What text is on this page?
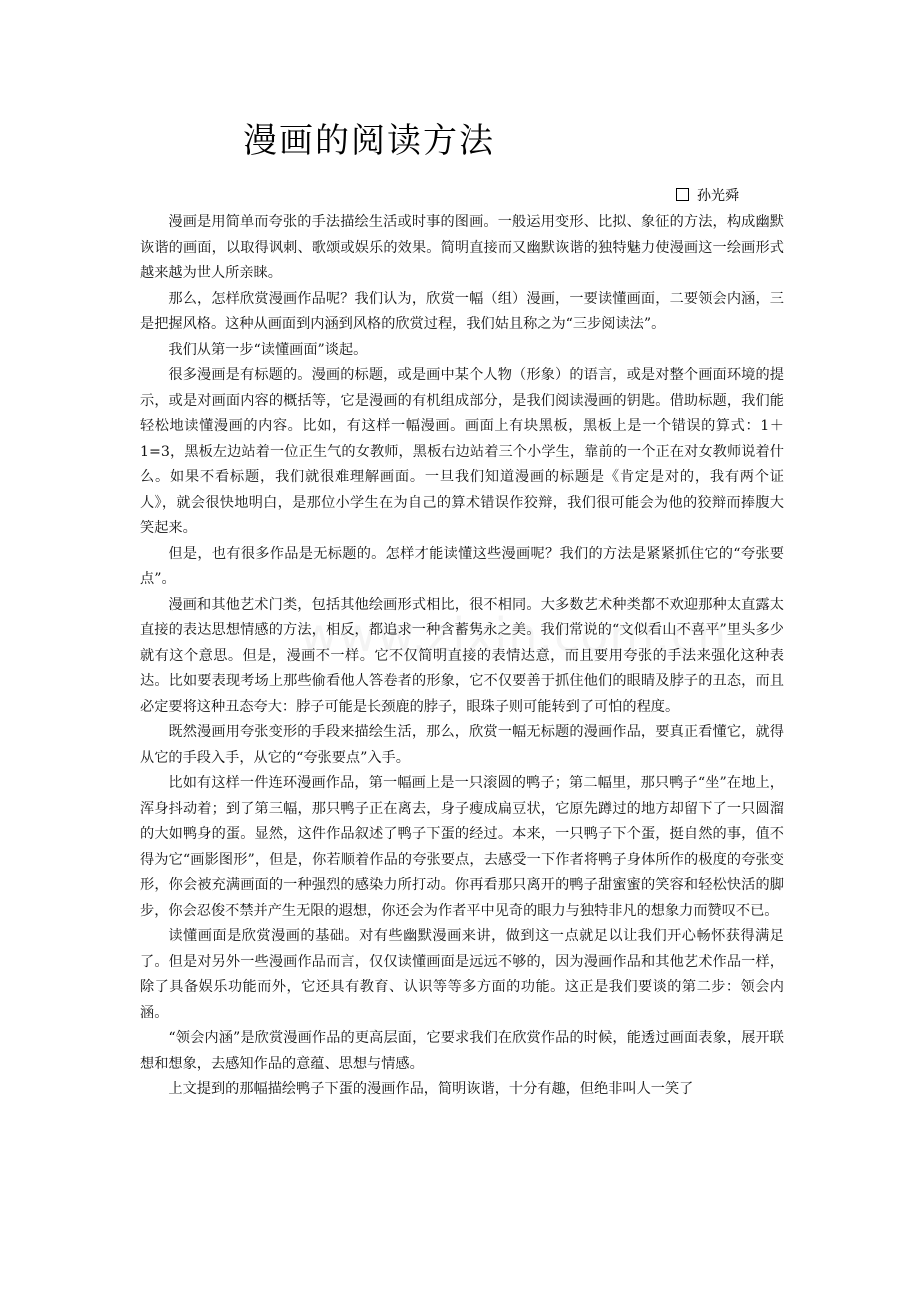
漫画的阅读方法
孙光舜

漫画是用简单而夸张的手法描绘生活或时事的图画。一般运用变形、比拟、象征的方法，构成幽默诙谐的画面，以取得讽刺、歌颂或娱乐的效果。简明直接而又幽默诙谐的独特魅力使漫画这一绘画形式越来越为世人所亲睐。

那么，怎样欣赏漫画作品呢？我们认为，欣赏一幅（组）漫画，一要读懂画面，二要领会内涵，三是把握风格。这种从画面到内涵到风格的欣赏过程，我们姑且称之为“三步阅读法”。

我们从第一步“读懂画面”谈起。

很多漫画是有标题的。漫画的标题，或是画中某个人物（形象）的语言，或是对整个画面环境的提示，或是对画面内容的概括等，它是漫画的有机组成部分，是我们阅读漫画的钥匙。借助标题，我们能轻松地读懂漫画的内容。比如，有这样一幅漫画。画面上有块黑板，黑板上是一个错误的算式：1＋1=3，黑板左边站着一位正生气的女教师，黑板右边站着三个小学生，靠前的一个正在对女教师说着什么。如果不看标题，我们就很难理解画面。一旦我们知道漫画的标题是《肯定是对的，我有两个证人》，就会很快地明白，是那位小学生在为自己的算术错误作狡辩，我们很可能会为他的狡辩而捧腹大笑起来。

但是，也有很多作品是无标题的。怎样才能读懂这些漫画呢？我们的方法是紧紧抓住它的“夸张要点”。

漫画和其他艺术门类，包括其他绘画形式相比，很不相同。大多数艺术种类都不欢迎那种太直露太直接的表达思想情感的方法，相反，都追求一种含蓄隽永之美。我们常说的“文似看山不喜平”里头多少就有这个意思。但是，漫画不一样。它不仅简明直接的表情达意，而且要用夸张的手法来强化这种表达。比如要表现考场上那些偷看他人答卷者的形象，它不仅要善于抓住他们的眼睛及脖子的丑态，而且必定要将这种丑态夸大：脖子可能是长颈鹿的脖子，眼珠子则可能转到了可怕的程度。

既然漫画用夸张变形的手段来描绘生活，那么，欣赏一幅无标题的漫画作品，要真正看懂它，就得从它的手段入手，从它的“夸张要点”入手。

比如有这样一件连环漫画作品，第一幅画上是一只滚圆的鸭子；第二幅里，那只鸭子“坐”在地上，浑身抖动着；到了第三幅，那只鸭子正在离去，身子瘦成扁豆状，它原先蹲过的地方却留下了一只圆溜的大如鸭身的蛋。显然，这件作品叙述了鸭子下蛋的经过。本来，一只鸭子下个蛋，挺自然的事，值不得为它“画影图形”，但是，你若顺着作品的夸张要点，去感受一下作者将鸭子身体所作的极度的夸张变形，你会被充满画面的一种强烈的感染力所打动。你再看那只离开的鸭子甜蜜蜜的笑容和轻松快活的脚步，你会忍俊不禁并产生无限的遐想，你还会为作者平中见奇的眼力与独特非凡的想象力而赞叹不已。

读懂画面是欣赏漫画的基础。对有些幽默漫画来讲，做到这一点就足以让我们开心畅怀获得满足了。但是对另外一些漫画作品而言，仅仅读懂画面是远远不够的，因为漫画作品和其他艺术作品一样，除了具备娱乐功能而外，它还具有教育、认识等等多方面的功能。这正是我们要谈的第二步：领会内涵。

“领会内涵”是欣赏漫画作品的更高层面，它要求我们在欣赏作品的时候，能透过画面表象，展开联想和想象，去感知作品的意蕴、思想与情感。

上文提到的那幅描绘鸭子下蛋的漫画作品，简明诙谐，十分有趣，但绝非叫人一笑了
